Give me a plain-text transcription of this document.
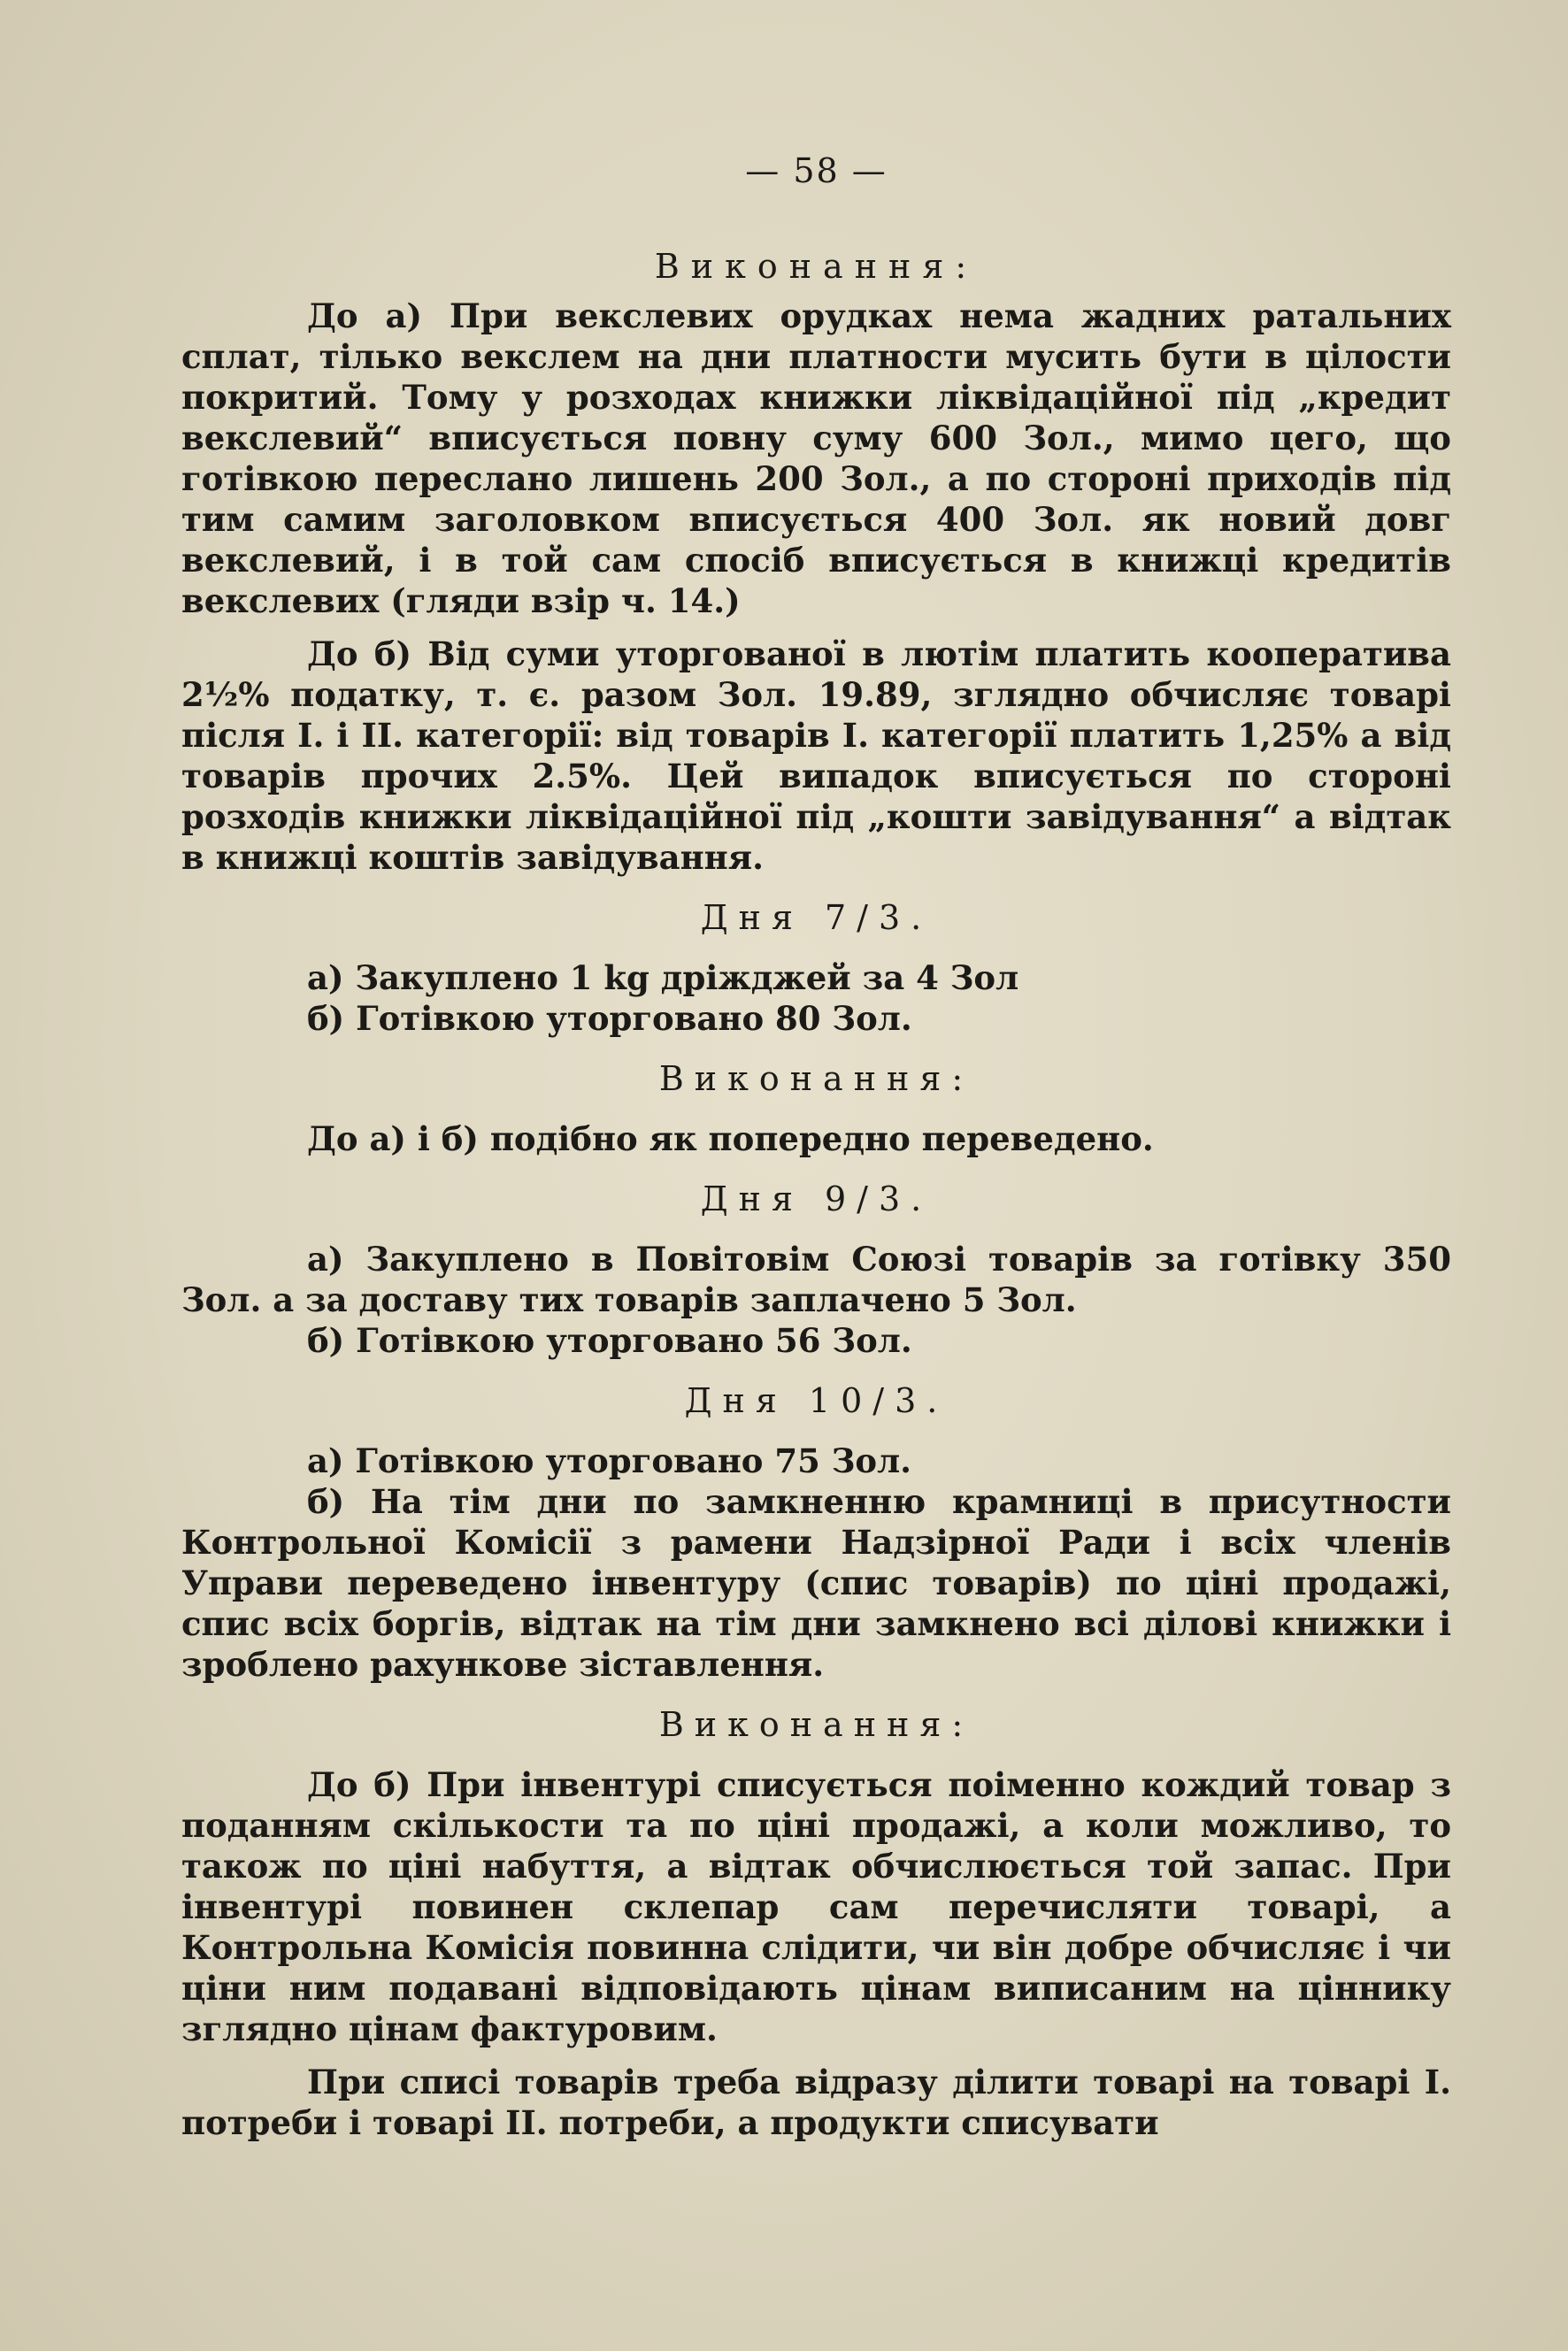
— 58 —
Виконання:

До а) При векслевих орудках нема жадних ратальних сплат, тілько векслем на дни платности мусить бути в цілости покритий. Тому у розходах книжки ліквідаційної під „кредит векслевий“ вписується повну суму 600 Зол., мимо цего, що готівкою переслано лишень 200 Зол., а по стороні приходів під тим самим заголовком вписується 400 Зол. як новий довг векслевий, і в той сам спосіб вписується в книжці кредитів векслевих (гляди взір ч. 14.)

До б) Від суми уторгованої в лютім платить кооператива 2½% податку, т. є. разом Зол. 19.89, зглядно обчисляє товарі після І. і ІІ. категорії: від товарів І. категорії платить 1,25% а від товарів прочих 2.5%. Цей випадок вписується по стороні розходів книжки ліквідаційної під „кошти завідування“ а відтак в книжці коштів завідування.

Дня 7/3.

а) Закуплено 1 kg дріжджей за 4 Зол

б) Готівкою уторговано 80 Зол.

Виконання:

До а) і б) подібно як попередно переведено.

Дня 9/3.

а) Закуплено в Повітовім Союзі товарів за готівку 350 Зол. а за доставу тих товарів заплачено 5 Зол.

б) Готівкою уторговано 56 Зол.

Дня 10/3.

а) Готівкою уторговано 75 Зол.

б) На тім дни по замкненню крамниці в присутности Контрольної Комісії з рамени Надзірної Ради і всіх членів Управи переведено інвентуру (спис товарів) по ціні продажі, спис всіх боргів, відтак на тім дни замкнено всі ділові книжки і зроблено рахункове зіставлення.

Виконання:

До б) При інвентурі списується поіменно кождий товар з поданням скількости та по ціні продажі, а коли можливо, то також по ціні набуття, а відтак обчислюється той запас. При інвентурі повинен склепар сам перечисляти товарі, а Контрольна Комісія повинна слідити, чи він добре обчисляє і чи ціни ним подавані відповідають цінам виписаним на ціннику зглядно цінам фактуровим.

При списі товарів треба відразу ділити товарі на товарі І. потреби і товарі ІІ. потреби, а продукти списувати
